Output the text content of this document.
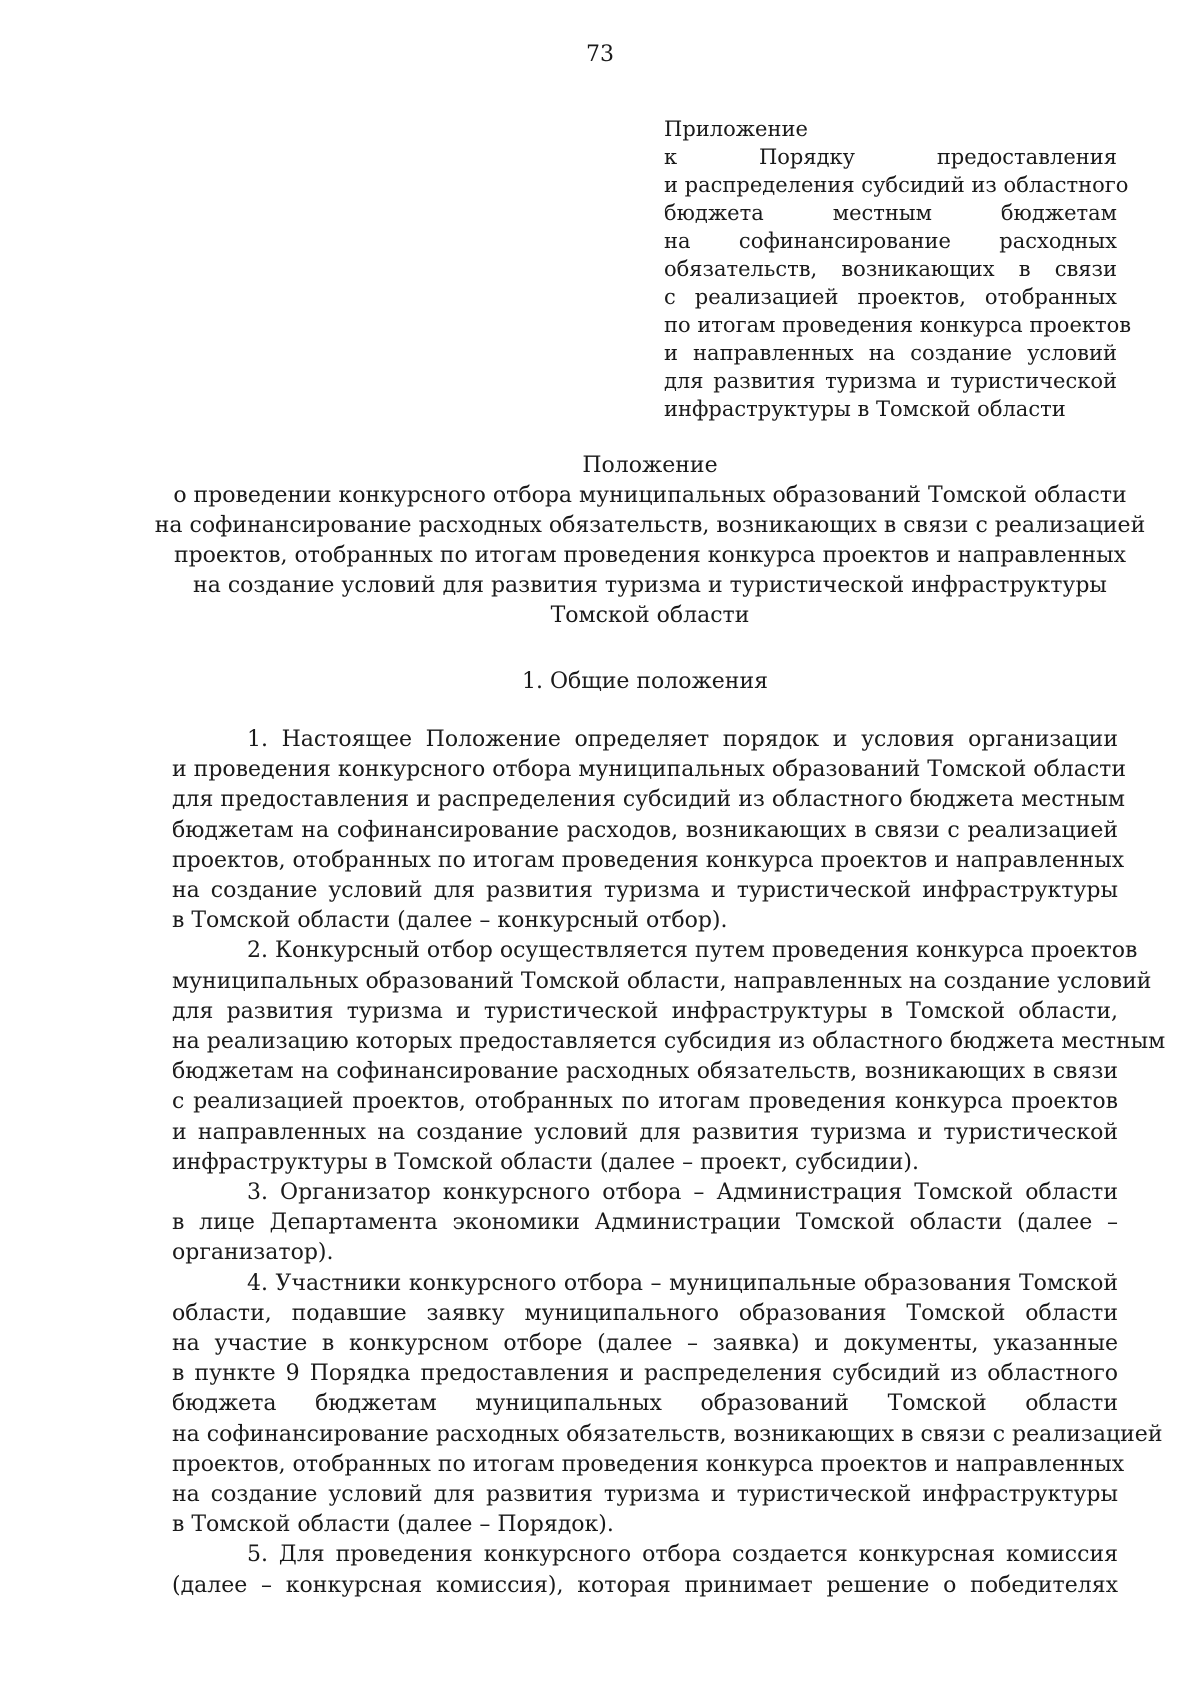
73
Приложение
к Порядку предоставления
и распределения субсидий из областного
бюджета местным бюджетам
на софинансирование расходных
обязательств, возникающих в связи
с реализацией проектов, отобранных
по итогам проведения конкурса проектов
и направленных на создание условий
для развития туризма и туристической
инфраструктуры в Томской области
Положение
о проведении конкурсного отбора муниципальных образований Томской области
на софинансирование расходных обязательств, возникающих в связи с реализацией
проектов, отобранных по итогам проведения конкурса проектов и направленных
на создание условий для развития туризма и туристической инфраструктуры
Томской области
1. Общие положения
1. Настоящее Положение определяет порядок и условия организации
и проведения конкурсного отбора муниципальных образований Томской области
для предоставления и распределения субсидий из областного бюджета местным
бюджетам на софинансирование расходов, возникающих в связи с реализацией
проектов, отобранных по итогам проведения конкурса проектов и направленных
на создание условий для развития туризма и туристической инфраструктуры
в Томской области (далее – конкурсный отбор).
2. Конкурсный отбор осуществляется путем проведения конкурса проектов
муниципальных образований Томской области, направленных на создание условий
для развития туризма и туристической инфраструктуры в Томской области,
на реализацию которых предоставляется субсидия из областного бюджета местным
бюджетам на софинансирование расходных обязательств, возникающих в связи
с реализацией проектов, отобранных по итогам проведения конкурса проектов
и направленных на создание условий для развития туризма и туристической
инфраструктуры в Томской области (далее – проект, субсидии).
3. Организатор конкурсного отбора – Администрация Томской области
в лице Департамента экономики Администрации Томской области (далее –
организатор).
4. Участники конкурсного отбора – муниципальные образования Томской
области, подавшие заявку муниципального образования Томской области
на участие в конкурсном отборе (далее – заявка) и документы, указанные
в пункте 9 Порядка предоставления и распределения субсидий из областного
бюджета бюджетам муниципальных образований Томской области
на софинансирование расходных обязательств, возникающих в связи с реализацией
проектов, отобранных по итогам проведения конкурса проектов и направленных
на создание условий для развития туризма и туристической инфраструктуры
в Томской области (далее – Порядок).
5. Для проведения конкурсного отбора создается конкурсная комиссия
(далее – конкурсная комиссия), которая принимает решение о победителях
